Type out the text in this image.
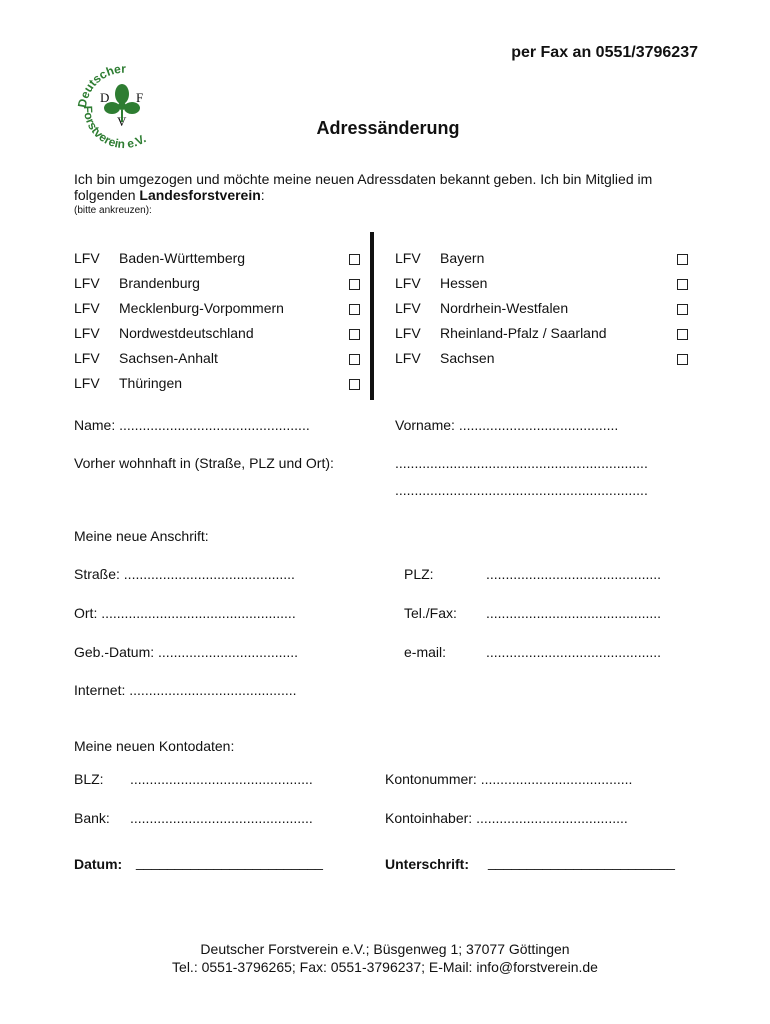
per Fax an 0551/3796237
Deutscher
Forstverein e.V.
D F
V	Adressänderung
Ich bin umgezogen und möchte meine neuen Adressdaten bekannt geben. Ich bin Mitglied im folgenden Landesforstverein:
(bitte ankreuzen):
LFV Baden-Württemberg
LFV Brandenburg
LFV Mecklenburg-Vorpommern
LFV Nordwestdeutschland
LFV Sachsen-Anhalt
LFV Thüringen
LFV Bayern
LFV Hessen
LFV Nordrhein-Westfalen
LFV Rheinland-Pfalz / Saarland
LFV Sachsen
Name: .................................................	Vorname: .........................................
Vorher wohnhaft in (Straße, PLZ und Ort):	.................................................................
.................................................................
Meine neue Anschrift:
Straße: ............................................	PLZ:	.............................................
Ort: ..................................................	Tel./Fax: .............................................
Geb.-Datum: ....................................	e-mail:	.............................................
Internet: ...........................................
Meine neuen Kontodaten:
BLZ: ...............................................	Kontonummer: .......................................
Bank: ...............................................	Kontoinhaber: .......................................
Datum: ________________________	Unterschrift: ________________________
Deutscher Forstverein e.V.; Büsgenweg 1; 37077 Göttingen
Tel.: 0551-3796265; Fax: 0551-3796237; E-Mail: info@forstverein.de
